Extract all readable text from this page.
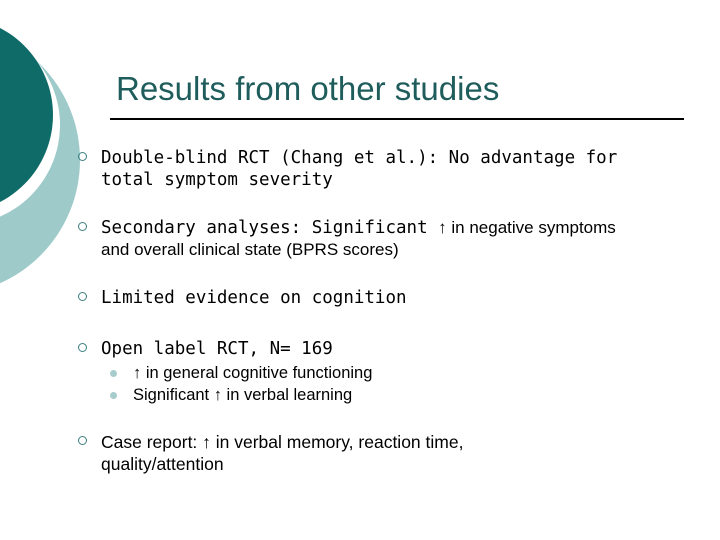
Results from other studies
Double-blind RCT (Chang et al.): No advantage for
total symptom severity
Secondary analyses: Significant ↑ in negative symptoms
and overall clinical state (BPRS scores)
Limited evidence on cognition
Open label RCT, N= 169
↑ in general cognitive functioning
Significant ↑ in verbal learning
Case report: ↑ in verbal memory, reaction time,
quality/attention
